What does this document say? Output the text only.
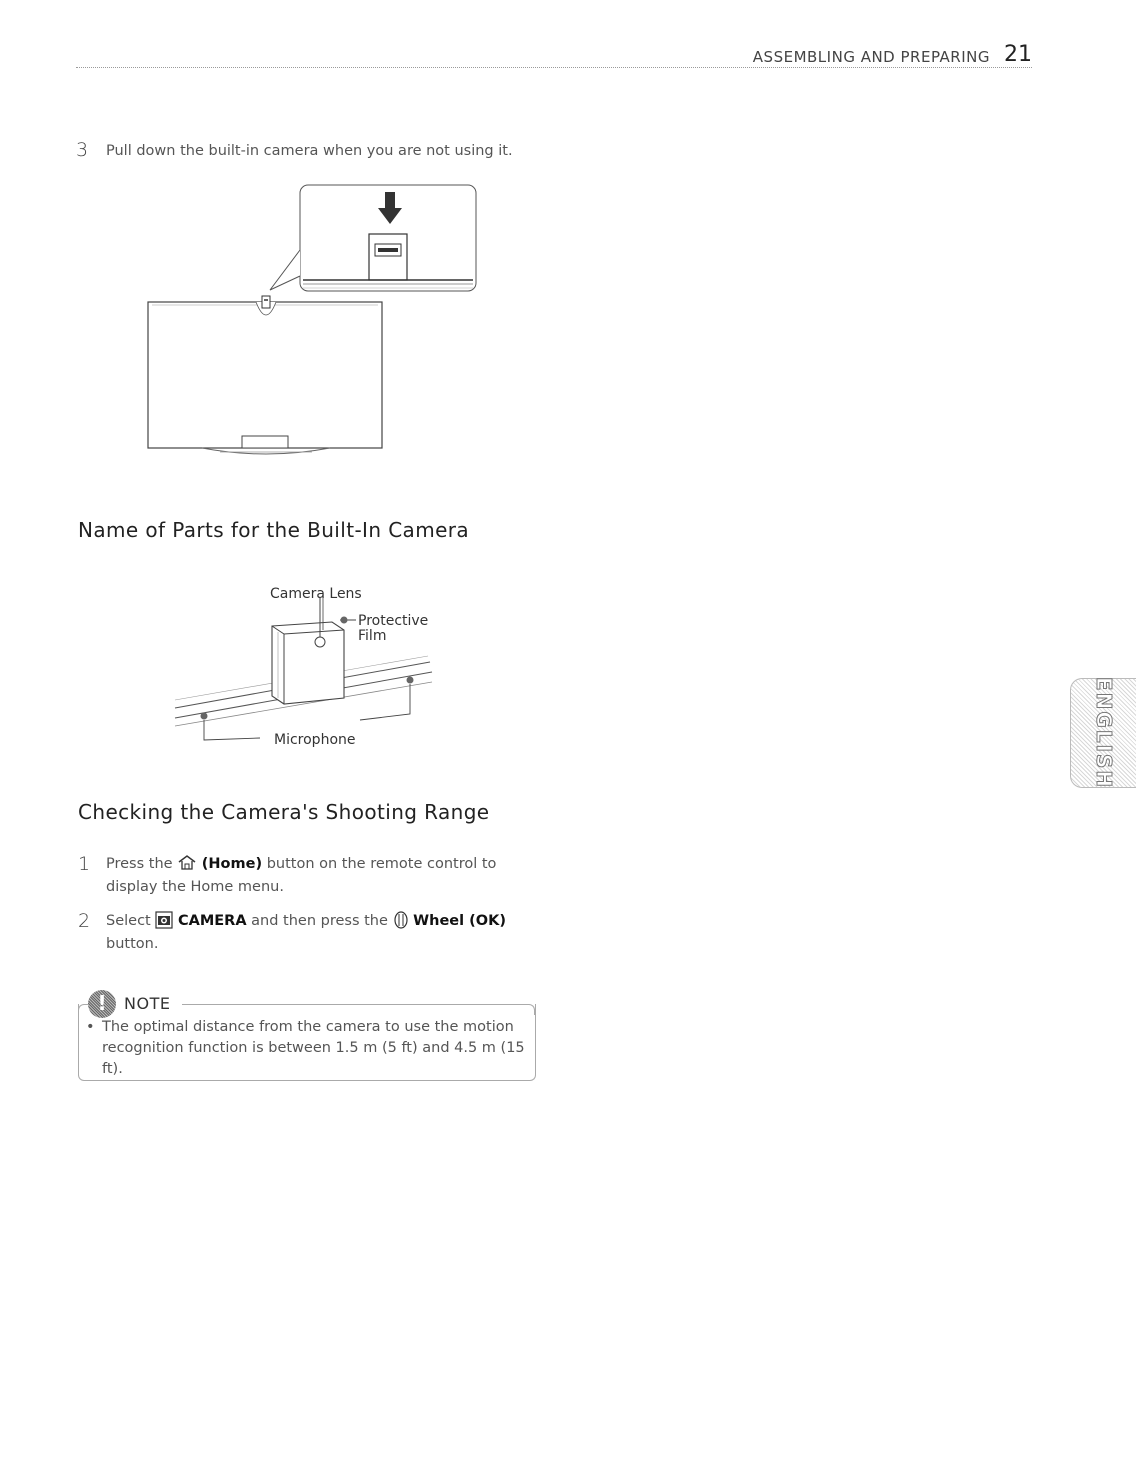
ASSEMBLING AND PREPARING 21
3 Pull down the built-in camera when you are not using it.
Name of Parts for the Built-In Camera
Camera Lens
Protective
Film
Microphone
Checking the Camera's Shooting Range
1 Press the (Home) button on the remote control to
display the Home menu.
2 Select CAMERA and then press the Wheel (OK)
button.
!	NOTE
• The optimal distance from the camera to use the motion recognition function is between 1.5 m (5 ft) and 4.5 m (15 ft).
ENGLISH
